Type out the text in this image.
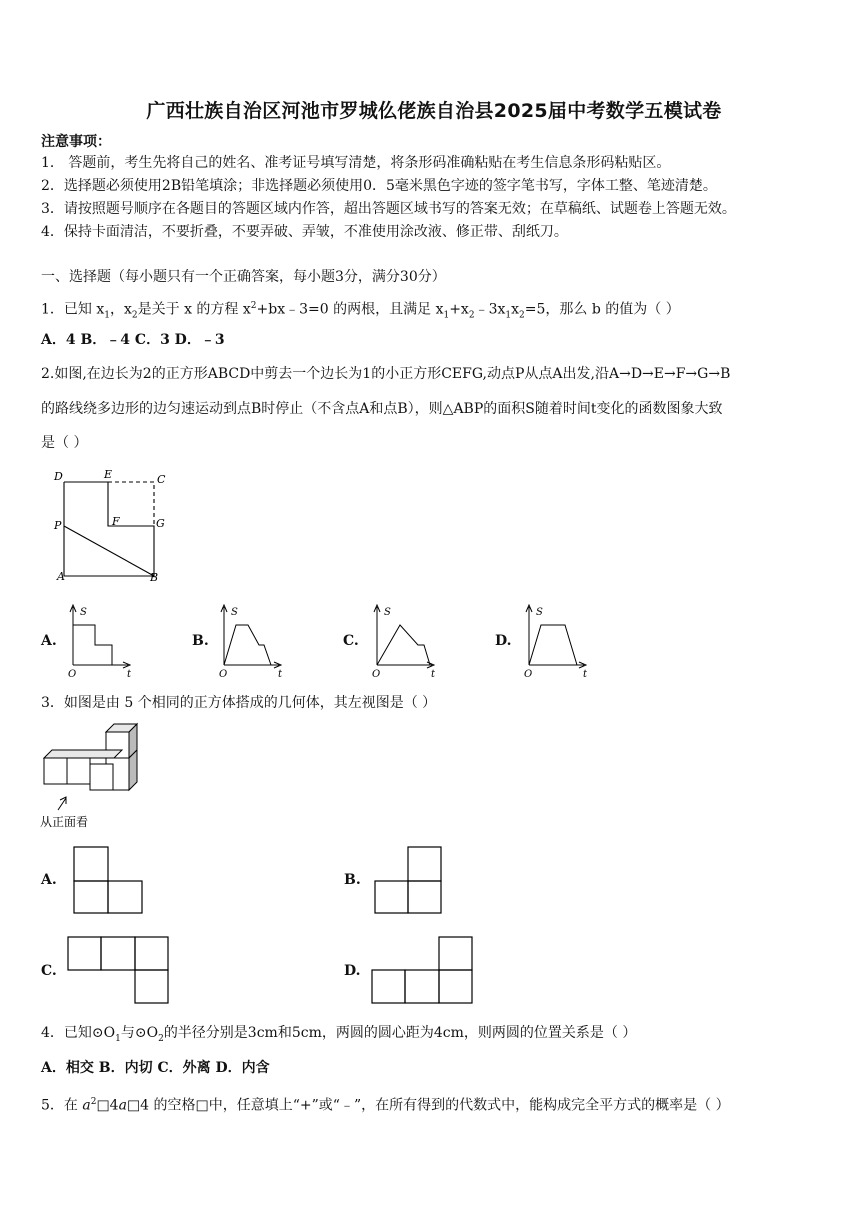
广西壮族自治区河池市罗城仫佬族自治县2025届中考数学五模试卷
注意事项：
1． 答题前，考生先将自己的姓名、准考证号填写清楚，将条形码准确粘贴在考生信息条形码粘贴区。
2．选择题必须使用2B铅笔填涂；非选择题必须使用0．5毫米黑色字迹的签字笔书写，字体工整、笔迹清楚。
3．请按照题号顺序在各题目的答题区域内作答，超出答题区域书写的答案无效；在草稿纸、试题卷上答题无效。
4．保持卡面清洁，不要折叠，不要弄破、弄皱，不准使用涂改液、修正带、刮纸刀。
一、选择题（每小题只有一个正确答案，每小题3分，满分30分）
1．已知 $x_1$，$x_2$是关于 x 的方程 $x^2+bx﹣3=0$ 的两根，且满足 $x_1+x_2﹣3x_1x_2=5$，那么 b 的值为（ ）
A．4 B．﹣4 C．3 D．﹣3
2.如图,在边长为2的正方形ABCD中剪去一个边长为1的小正方形CEFG,动点P从点A出发,沿A→D→E→F→G→B
的路线绕多边形的边匀速运动到点B时停止（不含点A和点B），则△ABP的面积S随着时间t变化的函数图象大致
是（ ）
D	E	C
P	F	G
A	B
A.
S
t
O
B.
S
t
O
C.
S
t
O
D.
S
t
O
3．如图是由 5 个相同的正方体搭成的几何体，其左视图是（ ）
从正面看
A.	B.
C.	D.
4．已知$⊙O_1$与$⊙O_2$的半径分别是3cm和5cm，两圆的圆心距为4cm，则两圆的位置关系是（ ）
A．相交 B．内切 C．外离 D．内含
5．在 $a^2□4a□4$ 的空格□中，任意填上“+”或“﹣”，在所有得到的代数式中，能构成完全平方式的概率是（ ）
